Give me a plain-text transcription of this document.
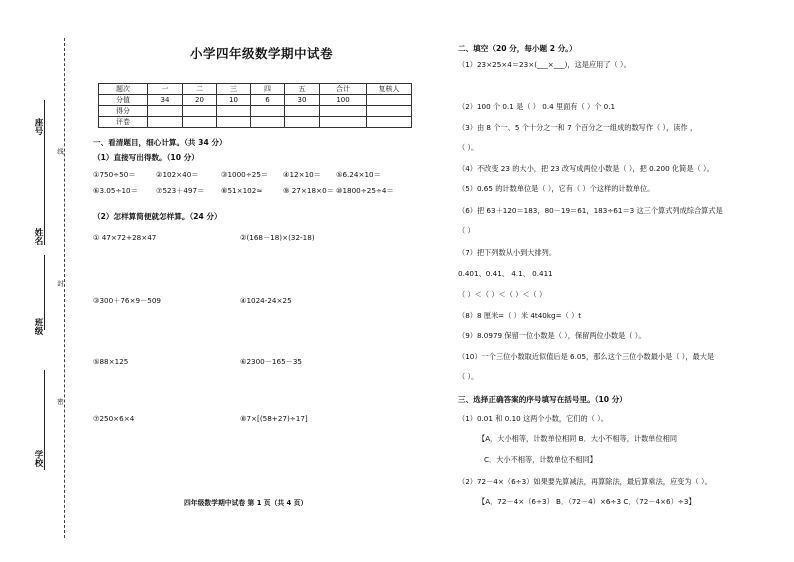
座号
姓名
班级
学校
线
封
密
小学四年级数学期中试卷
题次	一	二	三	四	五	合计	复核人
分值	34	20	10	6	30	100	
得分							
评卷							
一、看清题目，细心计算。（共 34 分）
（1）直接写出得数。（10 分）
①750÷50＝	②102×40＝	③1000÷25＝ ④12×10＝ ⑤6.24×10＝
⑥3.05÷10＝	⑦523＋497＝ ⑧51×102≈	⑨ 27×18×0＝ ⑩1800÷25÷4＝
（2）怎样算简便就怎样算。（24 分）
① 47×72+28×47	②(168－18)×(32-18)
③300＋76×9－509	④1024-24×25
⑤88×125	⑥2300－165－35
⑦250×6×4	⑧7×[(58+27)÷17]
四年级数学期中试卷 第 1 页（共 4 页）
二、填空（20 分，每小题 2 分。）
（1）23×25×4＝23×(___×___)，这是应用了（ ）。
（2）100 个 0.1 是（ ） 0.4 里面有（ ）个 0.1
（3）由 8 个一、5 个十分之一和 7 个百分之一组成的数写作（ ），读作 ，
（ ）。
（4）不改变 23 的大小，把 23 改写成两位小数是（ ），把 0.200 化简是（ ）。
（5）0.65 的计数单位是（ ），它有（ ）个这样的计数单位。
（6）把 63＋120＝183，80－19＝61，183÷61＝3 这三个算式列成综合算式是
（ ）
（7）把下列数从小到大排列。
0.401、0.41、 4.1、 0.411
（ ）＜（ ）＜（ ）＜（ ）
（8）8 厘米=（ ）米 4t40kg=（ ）t
（9）8.0979 保留一位小数是（ ），保留两位小数是（ ）。
（10）一个三位小数取近似值后是 6.05，那么这个三位小数最小是（ ），最大是
（ ）。
三、选择正确答案的序号填写在括号里。（10 分）
（1）0.01 和 0.10 这两个小数，它们的（ ）。
【A．大小相等，计数单位相同 B．大小不相等，计数单位相同
C．大小不相等，计数单位不相同】
（2）72－4×（6÷3）如果要先算减法，再算除法，最后算乘法，应变为（ ）。
【A．72－4×（6÷3） B．（72－4）×6÷3 C．（72－4×6）÷3】
